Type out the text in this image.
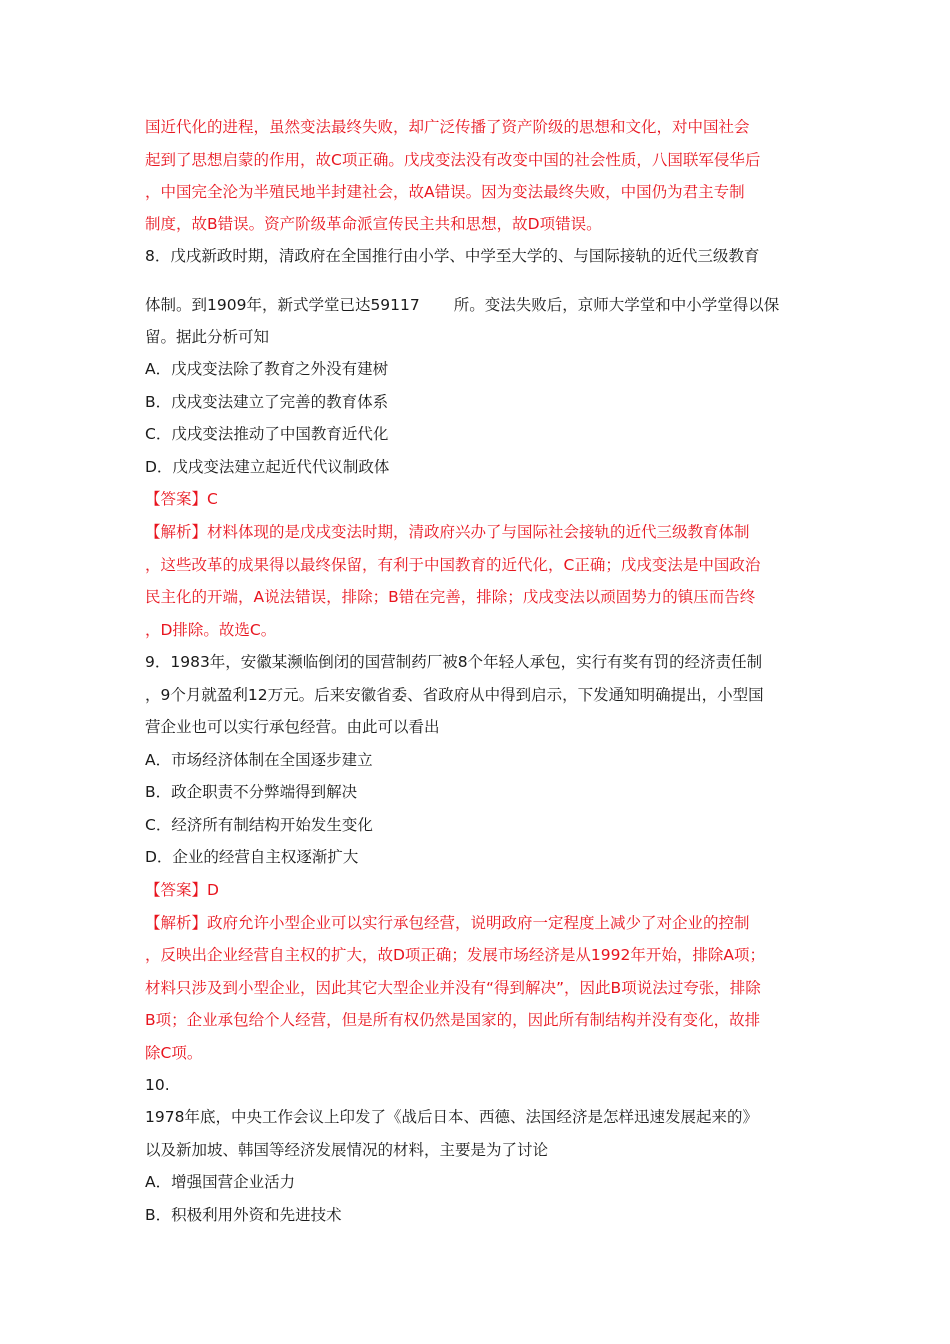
国近代化的进程，虽然变法最终失败，却广泛传播了资产阶级的思想和文化，对中国社会
起到了思想启蒙的作用，故C项正确。戊戌变法没有改变中国的社会性质，八国联军侵华后
，中国完全沦为半殖民地半封建社会，故A错误。因为变法最终失败，中国仍为君主专制
制度，故B错误。资产阶级革命派宣传民主共和思想，故D项错误。
8．戊戌新政时期，清政府在全国推行由小学、中学至大学的、与国际接轨的近代三级教育
体制。到1909年，新式学堂已达59117 所。变法失败后，京师大学堂和中小学堂得以保
留。据此分析可知
A．戊戌变法除了教育之外没有建树
B．戊戌变法建立了完善的教育体系
C．戊戌变法推动了中国教育近代化
D．戊戌变法建立起近代代议制政体
【答案】C
【解析】材料体现的是戊戌变法时期，清政府兴办了与国际社会接轨的近代三级教育体制
，这些改革的成果得以最终保留，有利于中国教育的近代化，C正确；戊戌变法是中国政治
民主化的开端，A说法错误，排除；B错在完善，排除；戊戌变法以顽固势力的镇压而告终
，D排除。故选C。
9．1983年，安徽某濒临倒闭的国营制药厂被8个年轻人承包，实行有奖有罚的经济责任制
，9个月就盈利12万元。后来安徽省委、省政府从中得到启示，下发通知明确提出，小型国
营企业也可以实行承包经营。由此可以看出
A．市场经济体制在全国逐步建立
B．政企职责不分弊端得到解决
C．经济所有制结构开始发生变化
D．企业的经营自主权逐渐扩大
【答案】D
【解析】政府允许小型企业可以实行承包经营，说明政府一定程度上减少了对企业的控制
，反映出企业经营自主权的扩大，故D项正确；发展市场经济是从1992年开始，排除A项；
材料只涉及到小型企业，因此其它大型企业并没有“得到解决”，因此B项说法过夸张，排除
B项；企业承包给个人经营，但是所有权仍然是国家的，因此所有制结构并没有变化，故排
除C项。
10.
1978年底，中央工作会议上印发了《战后日本、西德、法国经济是怎样迅速发展起来的》
以及新加坡、韩国等经济发展情况的材料，主要是为了讨论
A．增强国营企业活力
B．积极利用外资和先进技术
